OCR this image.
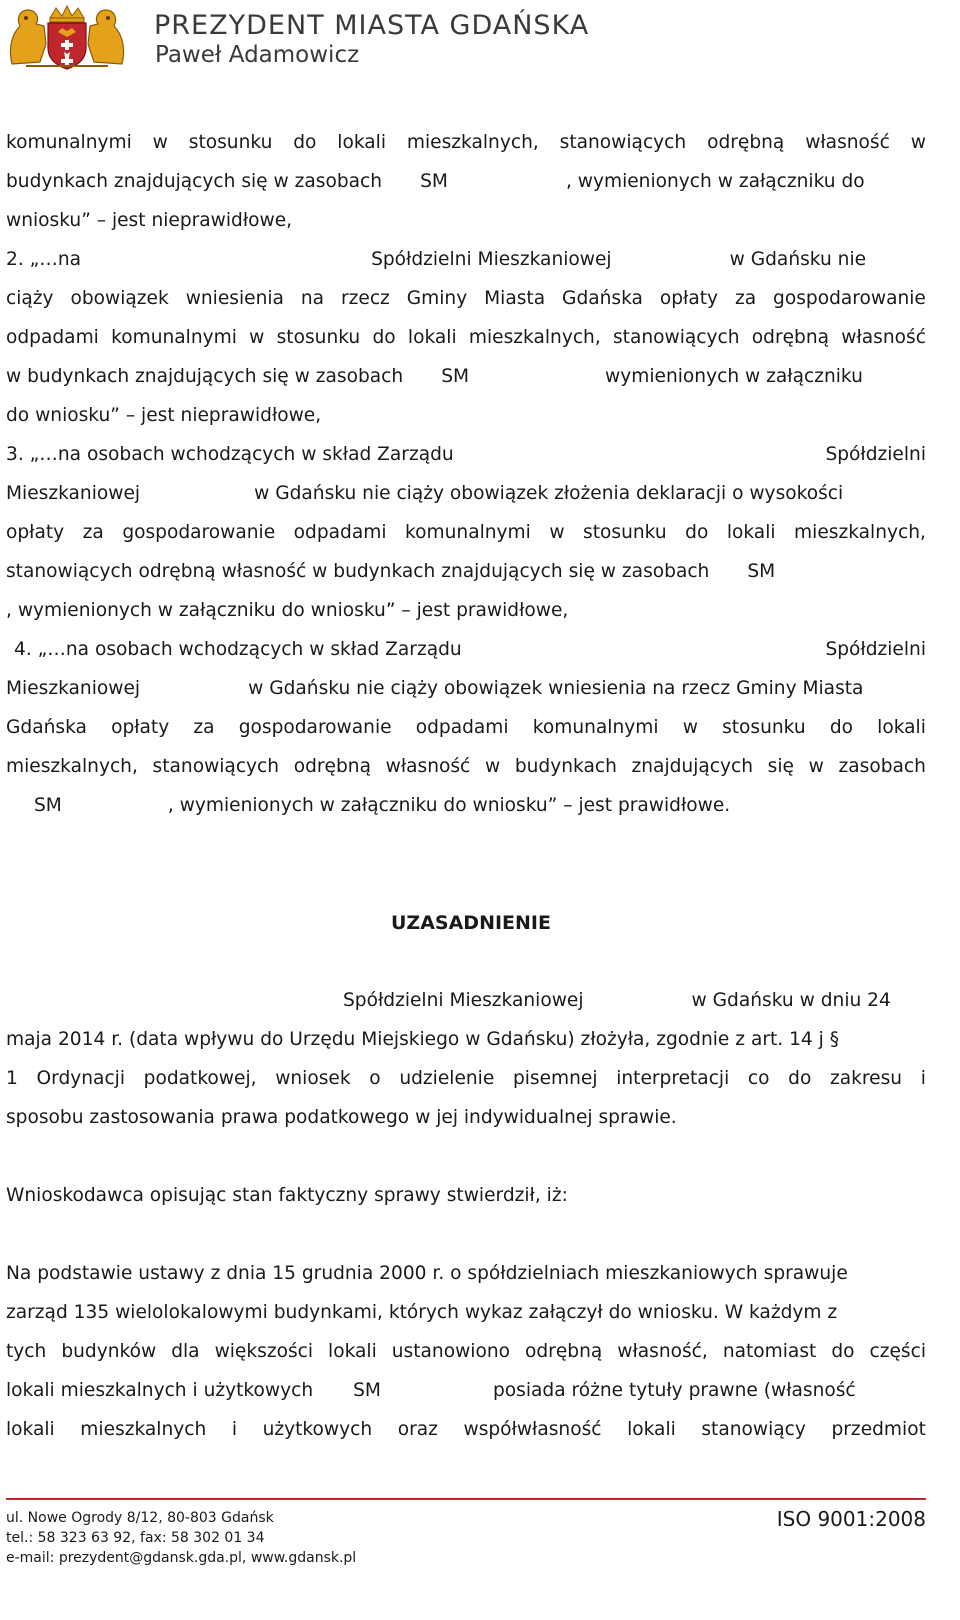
PREZYDENT MIASTA GDAŃSKA
Paweł Adamowicz
komunalnymi w stosunku do lokali mieszkalnych, stanowiących odrębną własność w
budynkach znajdujących się w zasobach SM	, wymienionych w załączniku do
wniosku” – jest nieprawidłowe,
2. „…na	Spółdzielni Mieszkaniowej	w Gdańsku nie
ciąży obowiązek wniesienia na rzecz Gminy Miasta Gdańska opłaty za gospodarowanie
odpadami komunalnymi w stosunku do lokali mieszkalnych, stanowiących odrębną własność
w budynkach znajdujących się w zasobach SM	wymienionych w załączniku
do wniosku” – jest nieprawidłowe,
3. „…na osobach wchodzących w skład Zarządu	Spółdzielni
Mieszkaniowej	w Gdańsku nie ciąży obowiązek złożenia deklaracji o wysokości
opłaty za gospodarowanie odpadami komunalnymi w stosunku do lokali mieszkalnych,
stanowiących odrębną własność w budynkach znajdujących się w zasobach SM
, wymienionych w załączniku do wniosku” – jest prawidłowe,
4. „…na osobach wchodzących w skład Zarządu	Spółdzielni
Mieszkaniowej	w Gdańsku nie ciąży obowiązek wniesienia na rzecz Gminy Miasta
Gdańska opłaty za gospodarowanie odpadami komunalnymi w stosunku do lokali
mieszkalnych, stanowiących odrębną własność w budynkach znajdujących się w zasobach
SM	, wymienionych w załączniku do wniosku” – jest prawidłowe.
UZASADNIENIE
Spółdzielni Mieszkaniowej	w Gdańsku w dniu 24
maja 2014 r. (data wpływu do Urzędu Miejskiego w Gdańsku) złożyła, zgodnie z art. 14 j §
1 Ordynacji podatkowej, wniosek o udzielenie pisemnej interpretacji co do zakresu i
sposobu zastosowania prawa podatkowego w jej indywidualnej sprawie.
Wnioskodawca opisując stan faktyczny sprawy stwierdził, iż:
Na podstawie ustawy z dnia 15 grudnia 2000 r. o spółdzielniach mieszkaniowych sprawuje
zarząd 135 wielolokalowymi budynkami, których wykaz załączył do wniosku. W każdym z
tych budynków dla większości lokali ustanowiono odrębną własność, natomiast do części
lokali mieszkalnych i użytkowych SM	posiada różne tytuły prawne (własność
lokali mieszkalnych i użytkowych oraz współwłasność lokali stanowiący przedmiot
ul. Nowe Ogrody 8/12, 80-803 Gdańsk
tel.: 58 323 63 92, fax: 58 302 01 34
e-mail: prezydent@gdansk.gda.pl, www.gdansk.pl
ISO 9001:2008
